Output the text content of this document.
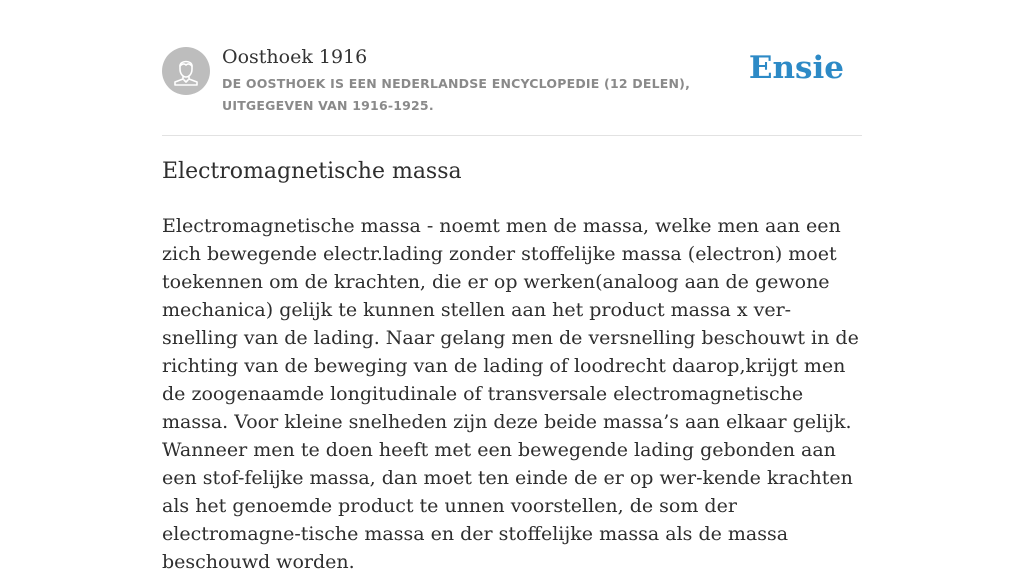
Oosthoek 1916
DE OOSTHOEK IS EEN NEDERLANDSE ENCYCLOPEDIE (12 DELEN), UITGEGEVEN VAN 1916-1925.
Ensie
Electromagnetische massa

Electromagnetische massa - noemt men de massa, welke men aan een zich bewegende electr.lading zonder stoffelijke massa (electron) moet toekennen om de krachten, die er op werken(analoog aan de gewone mechanica) gelijk te kunnen stellen aan het product massa x ver-snelling van de lading. Naar gelang men de versnelling beschouwt in de richting van de beweging van de lading of loodrecht daarop,krijgt men de zoogenaamde longitudinale of transversale electromagnetische massa. Voor kleine snelheden zijn deze beide massa’s aan elkaar gelijk. Wanneer men te doen heeft met een bewegende lading gebonden aan een stof-felijke massa, dan moet ten einde de er op wer-kende krachten als het genoemde product te unnen voorstellen, de som der electromagne-tische massa en der stoffelijke massa als de massa beschouwd worden.
